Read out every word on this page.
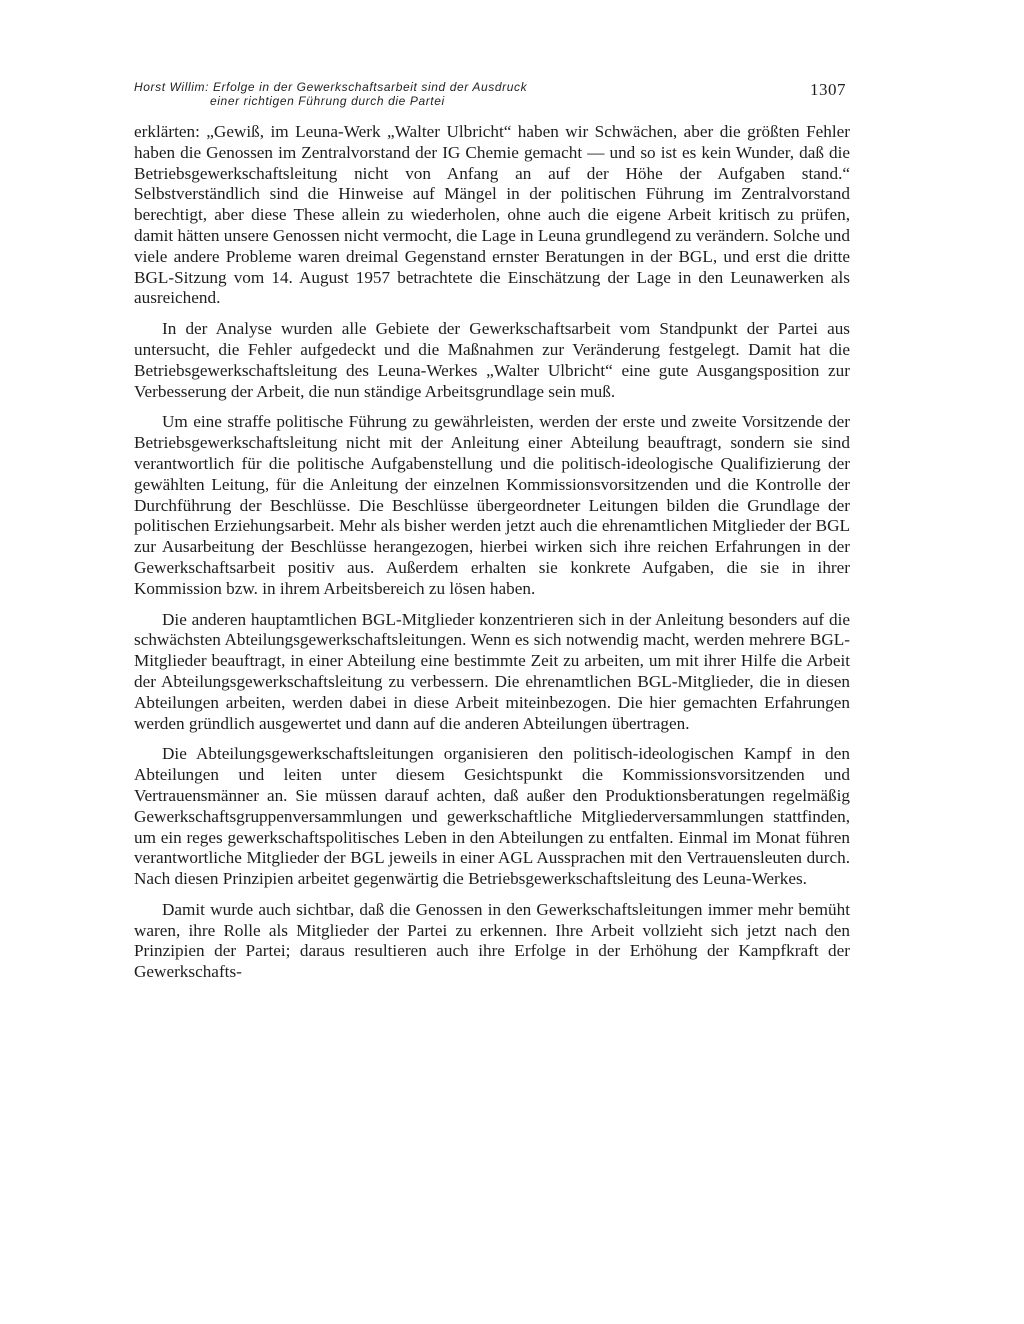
Horst Willim: Erfolge in der Gewerkschaftsarbeit sind der Ausdruck
einer richtigen Führung durch die Partei
1307

erklärten: „Gewiß, im Leuna-Werk „Walter Ulbricht“ haben wir Schwächen, aber die größten Fehler haben die Genossen im Zentralvorstand der IG Chemie gemacht — und so ist es kein Wunder, daß die Betriebsgewerkschaftsleitung nicht von Anfang an auf der Höhe der Aufgaben stand.“ Selbstverständlich sind die Hinweise auf Mängel in der politischen Führung im Zentralvorstand berechtigt, aber diese These allein zu wiederholen, ohne auch die eigene Arbeit kritisch zu prüfen, damit hätten unsere Genossen nicht vermocht, die Lage in Leuna grundlegend zu verändern. Solche und viele andere Probleme waren dreimal Gegenstand ernster Beratungen in der BGL, und erst die dritte BGL-Sitzung vom 14. August 1957 betrachtete die Einschätzung der Lage in den Leunawerken als ausreichend.

In der Analyse wurden alle Gebiete der Gewerkschaftsarbeit vom Standpunkt der Partei aus untersucht, die Fehler aufgedeckt und die Maßnahmen zur Veränderung festgelegt. Damit hat die Betriebsgewerkschaftsleitung des Leuna-Werkes „Walter Ulbricht“ eine gute Ausgangsposition zur Verbesserung der Arbeit, die nun ständige Arbeitsgrundlage sein muß.

Um eine straffe politische Führung zu gewährleisten, werden der erste und zweite Vorsitzende der Betriebsgewerkschaftsleitung nicht mit der Anleitung einer Abteilung beauftragt, sondern sie sind verantwortlich für die politische Aufgabenstellung und die politisch-ideologische Qualifizierung der gewählten Leitung, für die Anleitung der einzelnen Kommissionsvorsitzenden und die Kontrolle der Durchführung der Beschlüsse. Die Beschlüsse übergeordneter Leitungen bilden die Grundlage der politischen Erziehungsarbeit. Mehr als bisher werden jetzt auch die ehrenamtlichen Mitglieder der BGL zur Ausarbeitung der Beschlüsse herangezogen, hierbei wirken sich ihre reichen Erfahrungen in der Gewerkschaftsarbeit positiv aus. Außerdem erhalten sie konkrete Aufgaben, die sie in ihrer Kommission bzw. in ihrem Arbeitsbereich zu lösen haben.

Die anderen hauptamtlichen BGL-Mitglieder konzentrieren sich in der Anleitung besonders auf die schwächsten Abteilungsgewerkschaftsleitungen. Wenn es sich notwendig macht, werden mehrere BGL-Mitglieder beauftragt, in einer Abteilung eine bestimmte Zeit zu arbeiten, um mit ihrer Hilfe die Arbeit der Abteilungsgewerkschaftsleitung zu verbessern. Die ehrenamtlichen BGL-Mitglieder, die in diesen Abteilungen arbeiten, werden dabei in diese Arbeit miteinbezogen. Die hier gemachten Erfahrungen werden gründlich ausgewertet und dann auf die anderen Abteilungen übertragen.

Die Abteilungsgewerkschaftsleitungen organisieren den politisch-ideologischen Kampf in den Abteilungen und leiten unter diesem Gesichtspunkt die Kommissionsvorsitzenden und Vertrauensmänner an. Sie müssen darauf achten, daß außer den Produktionsberatungen regelmäßig Gewerkschaftsgruppenversammlungen und gewerkschaftliche Mitgliederversammlungen stattfinden, um ein reges gewerkschaftspolitisches Leben in den Abteilungen zu entfalten. Einmal im Monat führen verantwortliche Mitglieder der BGL jeweils in einer AGL Aussprachen mit den Vertrauensleuten durch. Nach diesen Prinzipien arbeitet gegenwärtig die Betriebsgewerkschaftsleitung des Leuna-Werkes.

Damit wurde auch sichtbar, daß die Genossen in den Gewerkschaftsleitungen immer mehr bemüht waren, ihre Rolle als Mitglieder der Partei zu erkennen. Ihre Arbeit vollzieht sich jetzt nach den Prinzipien der Partei; daraus resultieren auch ihre Erfolge in der Erhöhung der Kampfkraft der Gewerkschafts-
